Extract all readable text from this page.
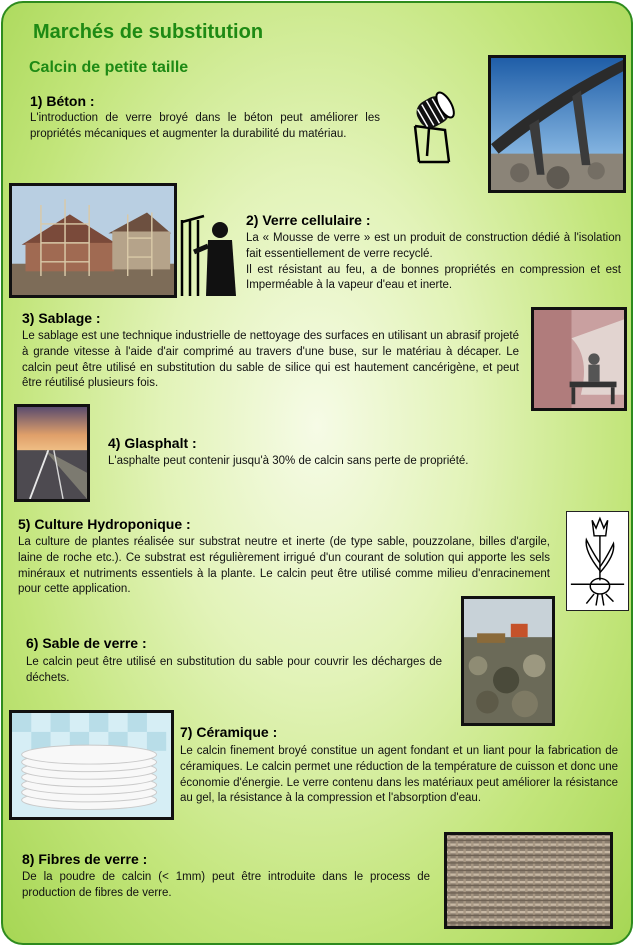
Marchés de substitution
Calcin de petite taille
1) Béton :
L'introduction de verre broyé dans le béton peut améliorer les propriétés mécaniques et augmenter la durabilité du matériau.
2) Verre cellulaire :
La « Mousse de verre » est un produit de construction dédié à l'isolation fait essentiellement de verre recyclé.
Il est résistant au feu, a de bonnes propriétés en compression et est Imperméable à la vapeur d'eau et inerte.
3) Sablage :
Le sablage est une technique industrielle de nettoyage des surfaces en utilisant un abrasif projeté à grande vitesse à l'aide d'air comprimé au travers d'une buse, sur le matériau à décaper. Le calcin peut être utilisé en substitution du sable de silice qui est hautement cancérigène, et peut être réutilisé plusieurs fois.
4) Glasphalt :
L'asphalte peut contenir jusqu'à 30% de calcin sans perte de propriété.
5) Culture Hydroponique :
La culture de plantes réalisée sur substrat neutre et inerte (de type sable, pouzzolane, billes d'argile, laine de roche etc.). Ce substrat est régulièrement irrigué d'un courant de solution qui apporte les sels minéraux et nutriments essentiels à la plante. Le calcin peut être utilisé comme milieu d'enracinement pour cette application.
6) Sable de verre :
Le calcin peut être utilisé en substitution du sable pour couvrir les décharges de déchets.
7) Céramique :
Le calcin finement broyé constitue un agent fondant et un liant pour la fabrication de céramiques. Le calcin permet une réduction de la température de cuisson et donc une économie d'énergie. Le verre contenu dans les matériaux peut améliorer la résistance au gel, la résistance à la compression et l'absorption d'eau.
8) Fibres de verre :
De la poudre de calcin (< 1mm) peut être introduite dans le process de production de fibres de verre.
